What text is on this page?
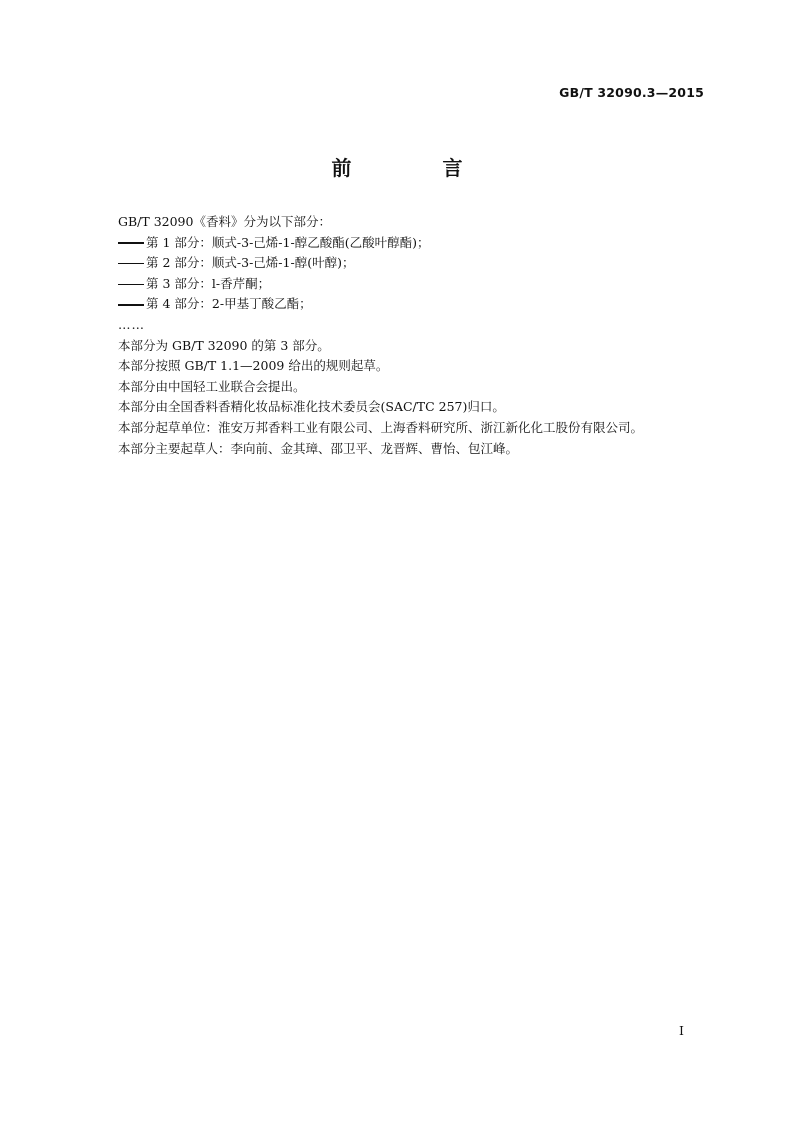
GB/T 32090.3—2015
前 言
GB/T 32090《香料》分为以下部分：
第 1 部分：顺式-3-己烯-1-醇乙酸酯(乙酸叶醇酯)；
第 2 部分：顺式-3-己烯-1-醇(叶醇)；
第 3 部分：l-香芹酮；
第 4 部分：2-甲基丁酸乙酯；
……
本部分为 GB/T 32090 的第 3 部分。
本部分按照 GB/T 1.1—2009 给出的规则起草。
本部分由中国轻工业联合会提出。
本部分由全国香料香精化妆品标准化技术委员会(SAC/TC 257)归口。
本部分起草单位：淮安万邦香料工业有限公司、上海香料研究所、浙江新化化工股份有限公司。
本部分主要起草人：李向前、金其璋、邵卫平、龙晋辉、曹怡、包江峰。
I
